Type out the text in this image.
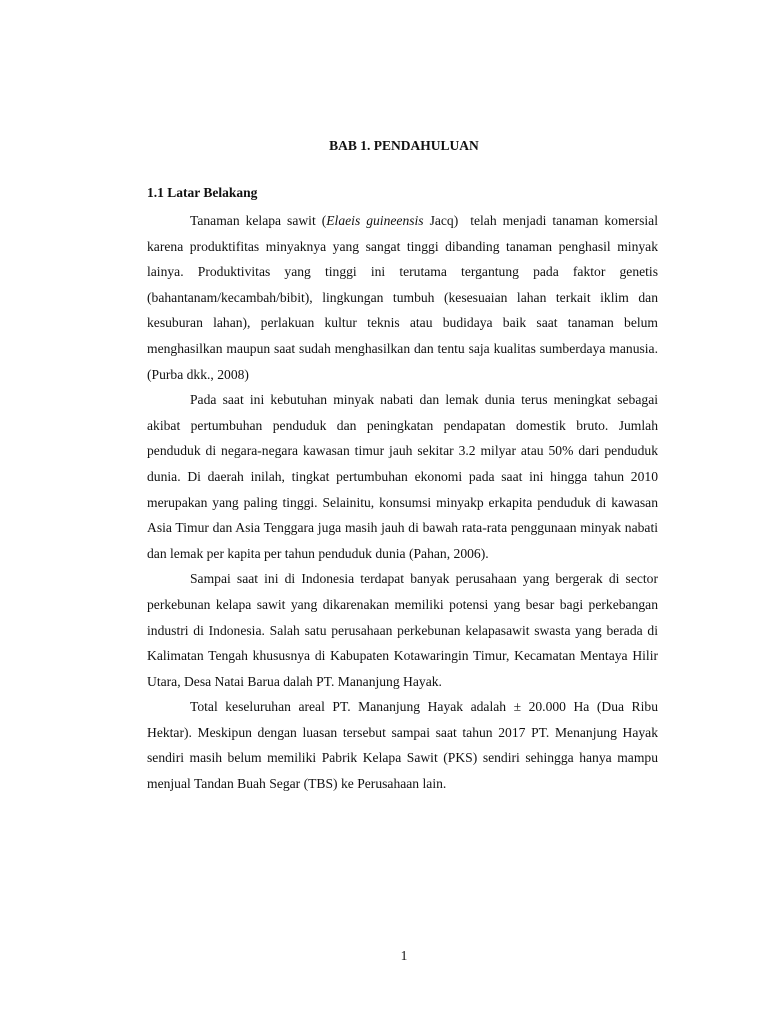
BAB 1. PENDAHULUAN
1.1 Latar Belakang

Tanaman kelapa sawit (Elaeis guineensis Jacq)  telah menjadi tanaman komersial karena produktifitas minyaknya yang sangat tinggi dibanding tanaman penghasil minyak lainya. Produktivitas yang tinggi ini terutama tergantung pada faktor genetis (bahantanam/kecambah/bibit), lingkungan tumbuh (kesesuaian lahan terkait iklim dan kesuburan lahan), perlakuan kultur teknis atau budidaya baik saat tanaman belum menghasilkan maupun saat sudah menghasilkan dan tentu saja kualitas sumberdaya manusia. (Purba dkk., 2008)

Pada saat ini kebutuhan minyak nabati dan lemak dunia terus meningkat sebagai akibat pertumbuhan penduduk dan peningkatan pendapatan domestik bruto. Jumlah penduduk di negara-negara kawasan timur jauh sekitar 3.2 milyar atau 50% dari penduduk dunia. Di daerah inilah, tingkat pertumbuhan ekonomi pada saat ini hingga tahun 2010 merupakan yang paling tinggi. Selainitu, konsumsi minyakp erkapita penduduk di kawasan Asia Timur dan Asia Tenggara juga masih jauh di bawah rata-rata penggunaan minyak nabati dan lemak per kapita per tahun penduduk dunia (Pahan, 2006).

Sampai saat ini di Indonesia terdapat banyak perusahaan yang bergerak di sector perkebunan kelapa sawit yang dikarenakan memiliki potensi yang besar bagi perkebangan industri di Indonesia. Salah satu perusahaan perkebunan kelapasawit swasta yang berada di Kalimatan Tengah khususnya di Kabupaten Kotawaringin Timur, Kecamatan Mentaya Hilir Utara, Desa Natai Barua dalah PT. Mananjung Hayak.

Total keseluruhan areal PT. Mananjung Hayak adalah ± 20.000 Ha (Dua Ribu Hektar). Meskipun dengan luasan tersebut sampai saat tahun 2017 PT. Menanjung Hayak sendiri masih belum memiliki Pabrik Kelapa Sawit (PKS) sendiri sehingga hanya mampu menjual Tandan Buah Segar (TBS) ke Perusahaan lain.

1
